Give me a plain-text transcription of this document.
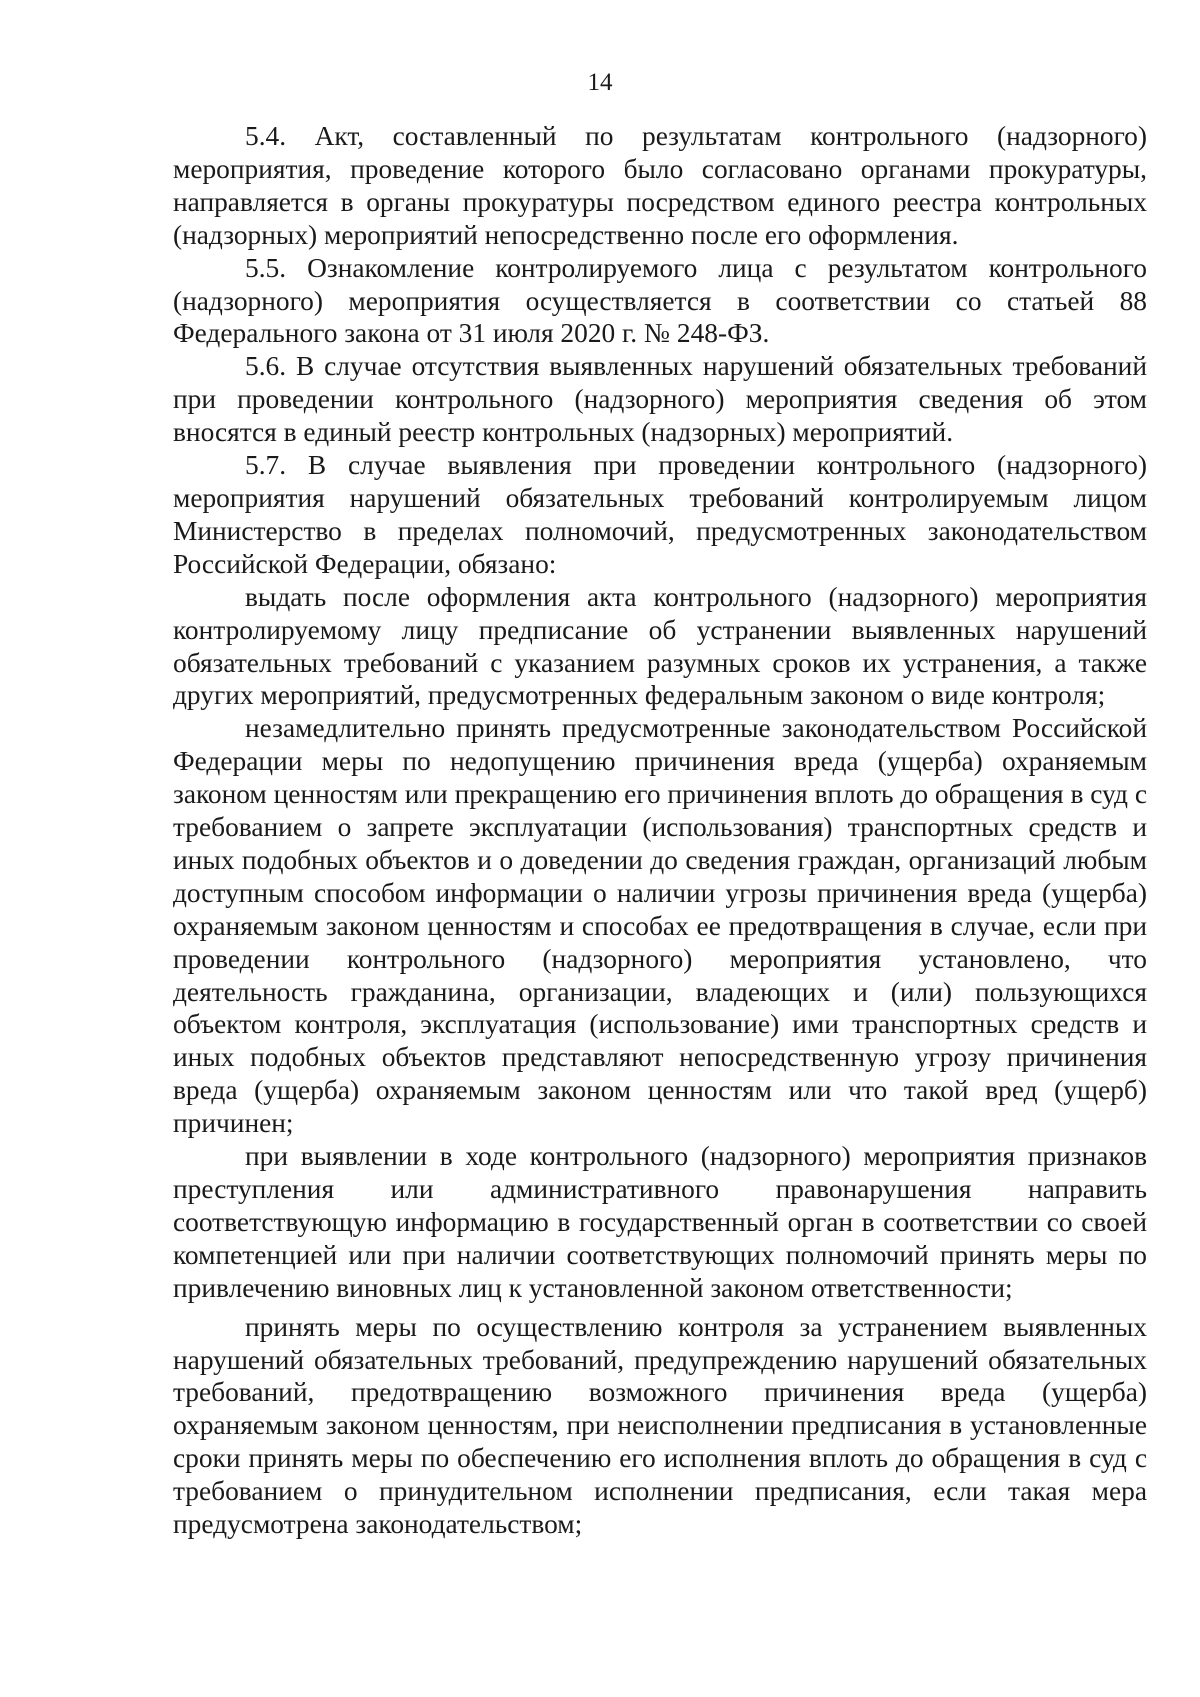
14

5.4. Акт, составленный по результатам контрольного (надзорного) мероприятия, проведение которого было согласовано органами прокуратуры, направляется в органы прокуратуры посредством единого реестра контрольных (надзорных) мероприятий непосредственно после его оформления.

5.5. Ознакомление контролируемого лица с результатом контрольного (надзорного) мероприятия осуществляется в соответствии со статьей 88 Федерального закона от 31 июля 2020 г. № 248-ФЗ.

5.6. В случае отсутствия выявленных нарушений обязательных требований при проведении контрольного (надзорного) мероприятия сведения об этом вносятся в единый реестр контрольных (надзорных) мероприятий.

5.7. В случае выявления при проведении контрольного (надзорного) мероприятия нарушений обязательных требований контролируемым лицом Министерство в пределах полномочий, предусмотренных законодательством Российской Федерации, обязано:

выдать после оформления акта контрольного (надзорного) мероприятия контролируемому лицу предписание об устранении выявленных нарушений обязательных требований с указанием разумных сроков их устранения, а также других мероприятий, предусмотренных федеральным законом о виде контроля;

незамедлительно принять предусмотренные законодательством Российской Федерации меры по недопущению причинения вреда (ущерба) охраняемым законом ценностям или прекращению его причинения вплоть до обращения в суд с требованием о запрете эксплуатации (использования) транспортных средств и иных подобных объектов и о доведении до сведения граждан, организаций любым доступным способом информации о наличии угрозы причинения вреда (ущерба) охраняемым законом ценностям и способах ее предотвращения в случае, если при проведении контрольного (надзорного) мероприятия установлено, что деятельность гражданина, организации, владеющих и (или) пользующихся объектом контроля, эксплуатация (использование) ими транспортных средств и иных подобных объектов представляют непосредственную угрозу причинения вреда (ущерба) охраняемым законом ценностям или что такой вред (ущерб) причинен;

при выявлении в ходе контрольного (надзорного) мероприятия признаков преступления или административного правонарушения направить соответствующую информацию в государственный орган в соответствии со своей компетенцией или при наличии соответствующих полномочий принять меры по привлечению виновных лиц к установленной законом ответственности;

принять меры по осуществлению контроля за устранением выявленных нарушений обязательных требований, предупреждению нарушений обязательных требований, предотвращению возможного причинения вреда (ущерба) охраняемым законом ценностям, при неисполнении предписания в установленные сроки принять меры по обеспечению его исполнения вплоть до обращения в суд с требованием о принудительном исполнении предписания, если такая мера предусмотрена законодательством;
